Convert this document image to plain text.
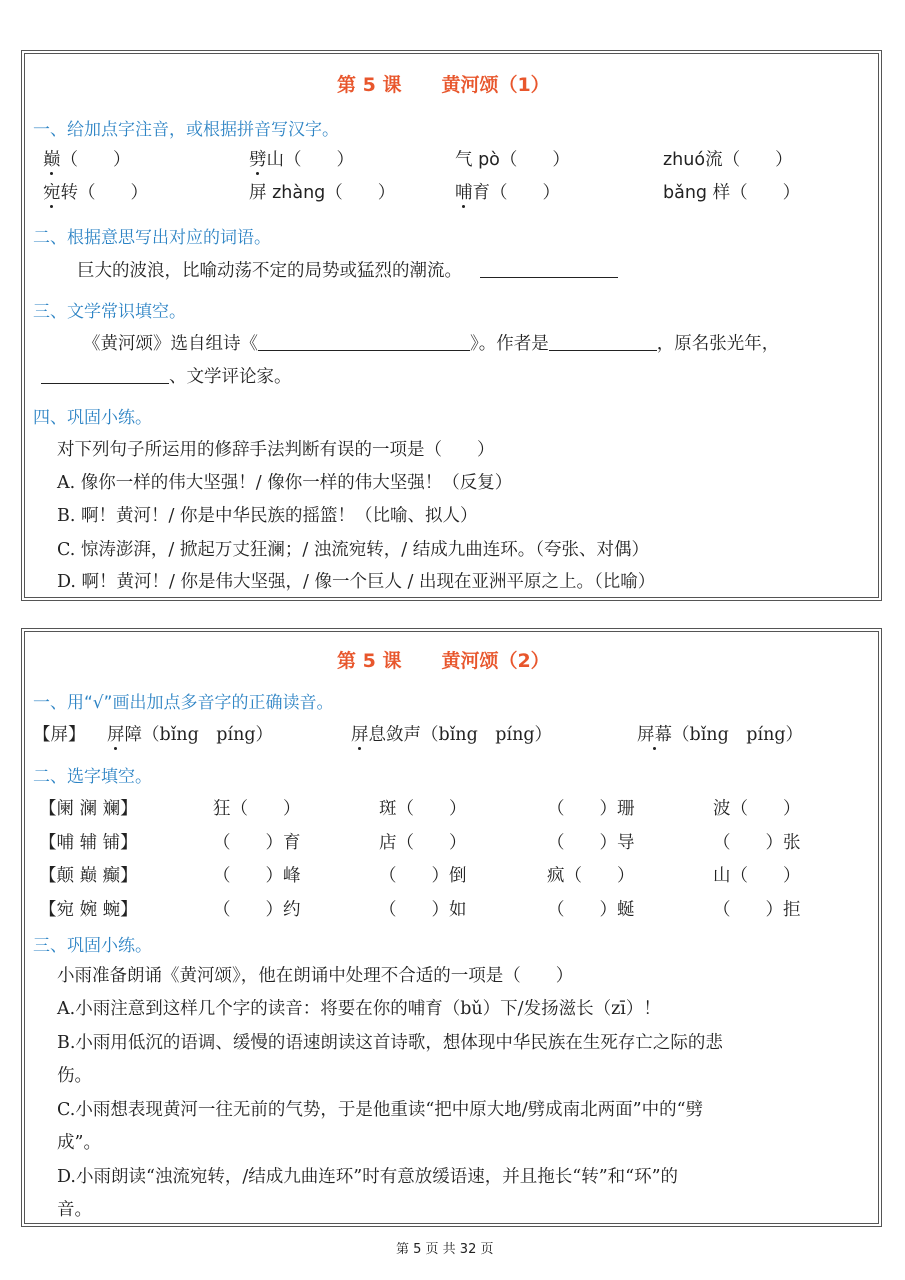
第 5 课 黄河颂（1）
一、给加点字注音，或根据拼音写汉字。
巅（　　）	劈山（　　）	气 pò（　　）	zhuó流（　　）
宛转（　　）	屏 zhàng（　　）	哺育（　　）	bǎng 样（　　）
二、根据意思写出对应的词语。
巨大的波浪，比喻动荡不定的局势或猛烈的潮流。
三、文学常识填空。
《黄河颂》选自组诗《	》。作者是	，原名张光年，
、文学评论家。
四、巩固小练。
对下列句子所运用的修辞手法判断有误的一项是（　　）
A. 像你一样的伟大坚强！/ 像你一样的伟大坚强！（反复）
B. 啊！黄河！/ 你是中华民族的摇篮！（比喻、拟人）
C. 惊涛澎湃，/ 掀起万丈狂澜；/ 浊流宛转，/ 结成九曲连环。（夸张、对偶）
D. 啊！黄河！/ 你是伟大坚强，/ 像一个巨人 / 出现在亚洲平原之上。（比喻）
第 5 课 黄河颂（2）
一、用“√”画出加点多音字的正确读音。
【屏】 屏障（bǐng　píng）	屏息敛声（bǐng　píng）	屏幕（bǐng　píng）
二、选字填空。
【阑 澜 斓】	狂（　　）	斑（　　）	（　　）珊	波（　　）
【哺 辅 铺】	（　　）育	店（　　）	（　　）导	（　　）张
【颠 巅 癫】	（　　）峰	（　　）倒	疯（　　）	山（　　）
【宛 婉 蜿】	（　　）约	（　　）如	（　　）蜒	（　　）拒
三、巩固小练。
小雨准备朗诵《黄河颂》，他在朗诵中处理不合适的一项是（　　）
A.小雨注意到这样几个字的读音：将要在你的哺育（bǔ）下/发扬滋长（zī）！
B.小雨用低沉的语调、缓慢的语速朗读这首诗歌，想体现中华民族在生死存亡之际的悲
伤。
C.小雨想表现黄河一往无前的气势，于是他重读“把中原大地/劈成南北两面”中的“劈
成”。
D.小雨朗读“浊流宛转，/结成九曲连环”时有意放缓语速，并且拖长“转”和“环”的
音。
第 5 页 共 32 页
